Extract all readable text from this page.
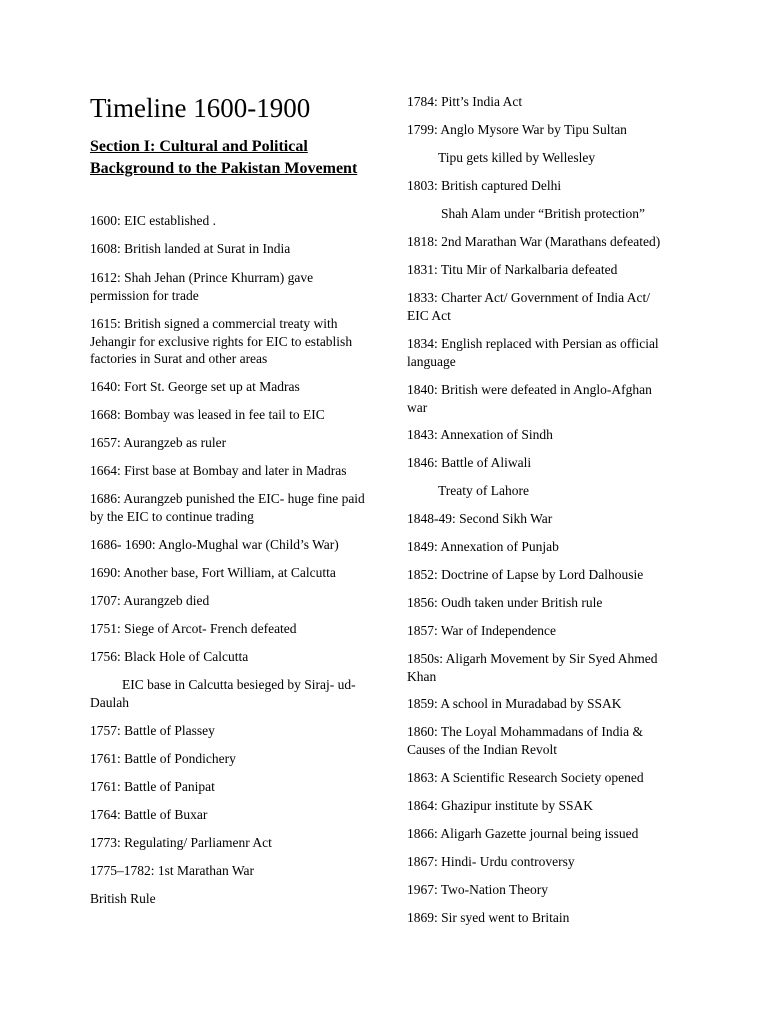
Timeline 1600-1900
Section I: Cultural and Political Background to the Pakistan Movement
1600: EIC established .
1608: British landed at Surat in India
1612: Shah Jehan (Prince Khurram) gave permission for trade
1615: British signed a commercial treaty with Jehangir for exclusive rights for EIC to establish factories in Surat and other areas
1640: Fort St. George set up at Madras
1668: Bombay was leased in fee tail to EIC
1657: Aurangzeb as ruler
1664: First base at Bombay and later in Madras
1686: Aurangzeb punished the EIC- huge fine paid by the EIC to continue trading
1686- 1690: Anglo-Mughal war (Child’s War)
1690: Another base, Fort William, at Calcutta
1707: Aurangzeb died
1751: Siege of Arcot- French defeated
1756: Black Hole of Calcutta
EIC base in Calcutta besieged by Siraj- ud-Daulah
1757: Battle of Plassey
1761: Battle of Pondichery
1761: Battle of Panipat
1764: Battle of Buxar
1773: Regulating/ Parliamenr Act
1775–1782: 1st Marathan War
British Rule
1784: Pitt’s India Act
1799: Anglo Mysore War by Tipu Sultan
Tipu gets killed by Wellesley
1803: British captured Delhi
Shah Alam under “British protection”
1818: 2nd Marathan War (Marathans defeated)
1831: Titu Mir of Narkalbaria defeated
1833: Charter Act/ Government of India Act/ EIC Act
1834: English replaced with Persian as official language
1840: British were defeated in Anglo-Afghan war
1843: Annexation of Sindh
1846: Battle of Aliwali
Treaty of Lahore
1848-49: Second Sikh War
1849: Annexation of Punjab
1852: Doctrine of Lapse by Lord Dalhousie
1856: Oudh taken under British rule
1857: War of Independence
1850s: Aligarh Movement by Sir Syed Ahmed Khan
1859: A school in Muradabad by SSAK
1860: The Loyal Mohammadans of India & Causes of the Indian Revolt
1863: A Scientific Research Society opened
1864: Ghazipur institute by SSAK
1866: Aligarh Gazette journal being issued
1867: Hindi- Urdu controversy
1967: Two-Nation Theory
1869: Sir syed went to Britain
